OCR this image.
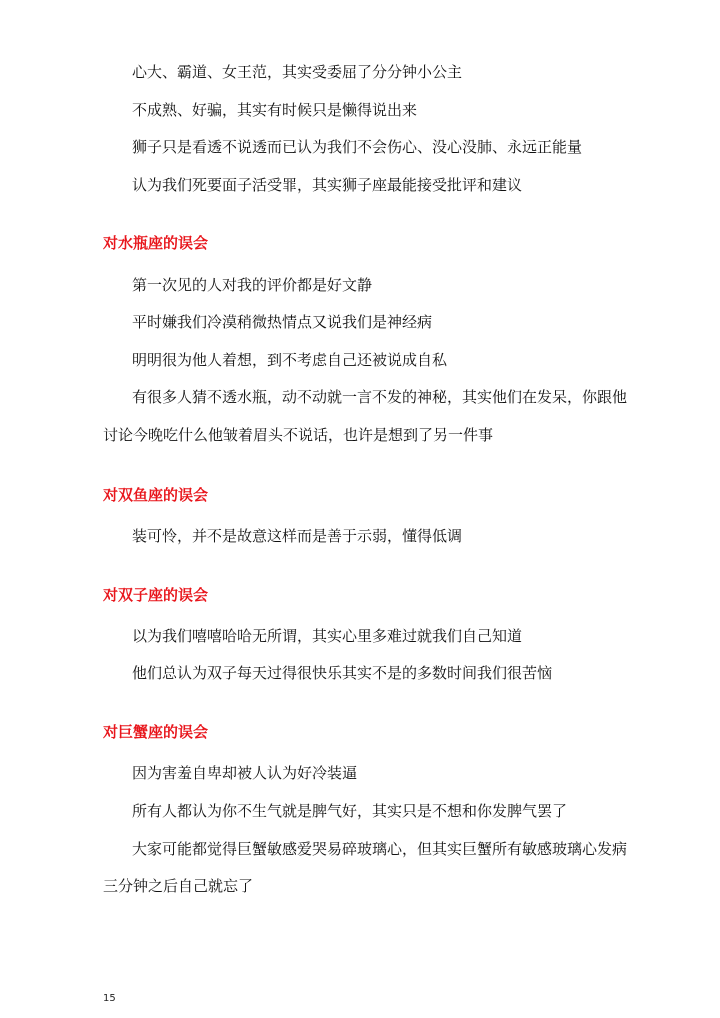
心大、霸道、女王范，其实受委屈了分分钟小公主
不成熟、好骗，其实有时候只是懒得说出来
狮子只是看透不说透而已认为我们不会伤心、没心没肺、永远正能量
认为我们死要面子活受罪，其实狮子座最能接受批评和建议
对水瓶座的误会
第一次见的人对我的评价都是好文静
平时嫌我们冷漠稍微热情点又说我们是神经病
明明很为他人着想，到不考虑自己还被说成自私
有很多人猜不透水瓶，动不动就一言不发的神秘，其实他们在发呆，你跟他
讨论今晚吃什么他皱着眉头不说话，也许是想到了另一件事
对双鱼座的误会
装可怜，并不是故意这样而是善于示弱，懂得低调
对双子座的误会
以为我们嘻嘻哈哈无所谓，其实心里多难过就我们自己知道
他们总认为双子每天过得很快乐其实不是的多数时间我们很苦恼
对巨蟹座的误会
因为害羞自卑却被人认为好冷装逼
所有人都认为你不生气就是脾气好，其实只是不想和你发脾气罢了
大家可能都觉得巨蟹敏感爱哭易碎玻璃心，但其实巨蟹所有敏感玻璃心发病
三分钟之后自己就忘了
15
